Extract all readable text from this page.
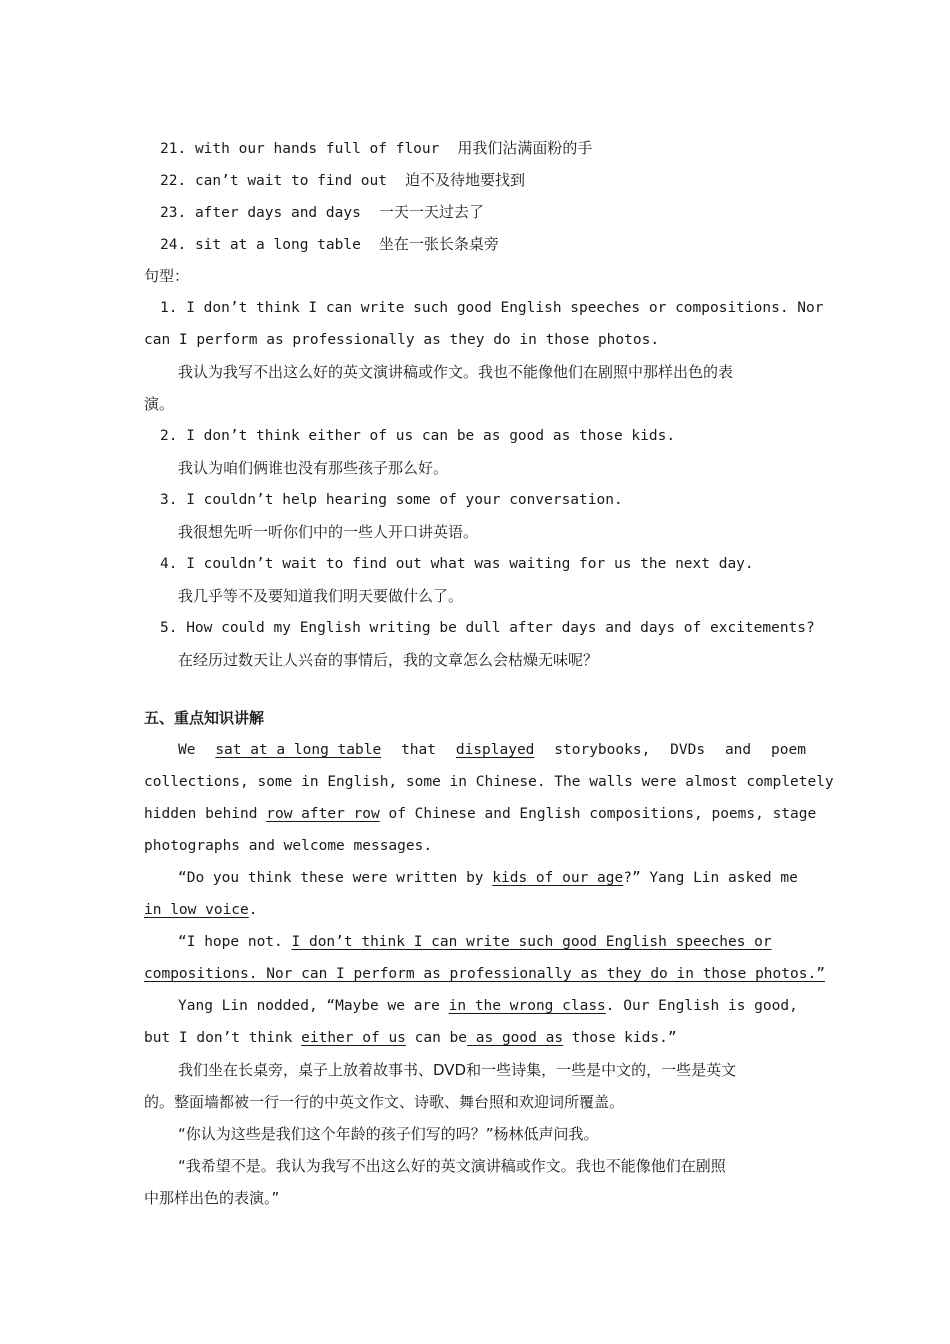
21. with our hands full of flour 用我们沾满面粉的手
22. can’t wait to find out 迫不及待地要找到
23. after days and days 一天一天过去了
24. sit at a long table 坐在一张长条桌旁
句型：
1. I don’t think I can write such good English speeches or compositions. Nor
can I perform as professionally as they do in those photos.
我认为我写不出这么好的英文演讲稿或作文。我也不能像他们在剧照中那样出色的表
演。
2. I don’t think either of us can be as good as those kids.
我认为咱们俩谁也没有那些孩子那么好。
3. I couldn’t help hearing some of your conversation.
我很想先听一听你们中的一些人开口讲英语。
4. I couldn’t wait to find out what was waiting for us the next day.
我几乎等不及要知道我们明天要做什么了。
5. How could my English writing be dull after days and days of excitements?
在经历过数天让人兴奋的事情后，我的文章怎么会枯燥无味呢？
五、重点知识讲解
We sat at a long table that displayed storybooks, DVDs and poem
collections, some in English, some in Chinese. The walls were almost completely
hidden behind row after row of Chinese and English compositions, poems, stage
photographs and welcome messages.
“Do you think these were written by kids of our age?” Yang Lin asked me
in low voice.
“I hope not. I don’t think I can write such good English speeches or
compositions. Nor can I perform as professionally as they do in those photos.”
Yang Lin nodded, “Maybe we are in the wrong class. Our English is good,
but I don’t think either of us can be as good as those kids.”
我们坐在长桌旁，桌子上放着故事书、DVD和一些诗集，一些是中文的，一些是英文
的。整面墙都被一行一行的中英文作文、诗歌、舞台照和欢迎词所覆盖。
“你认为这些是我们这个年龄的孩子们写的吗？”杨林低声问我。
“我希望不是。我认为我写不出这么好的英文演讲稿或作文。我也不能像他们在剧照
中那样出色的表演。”
